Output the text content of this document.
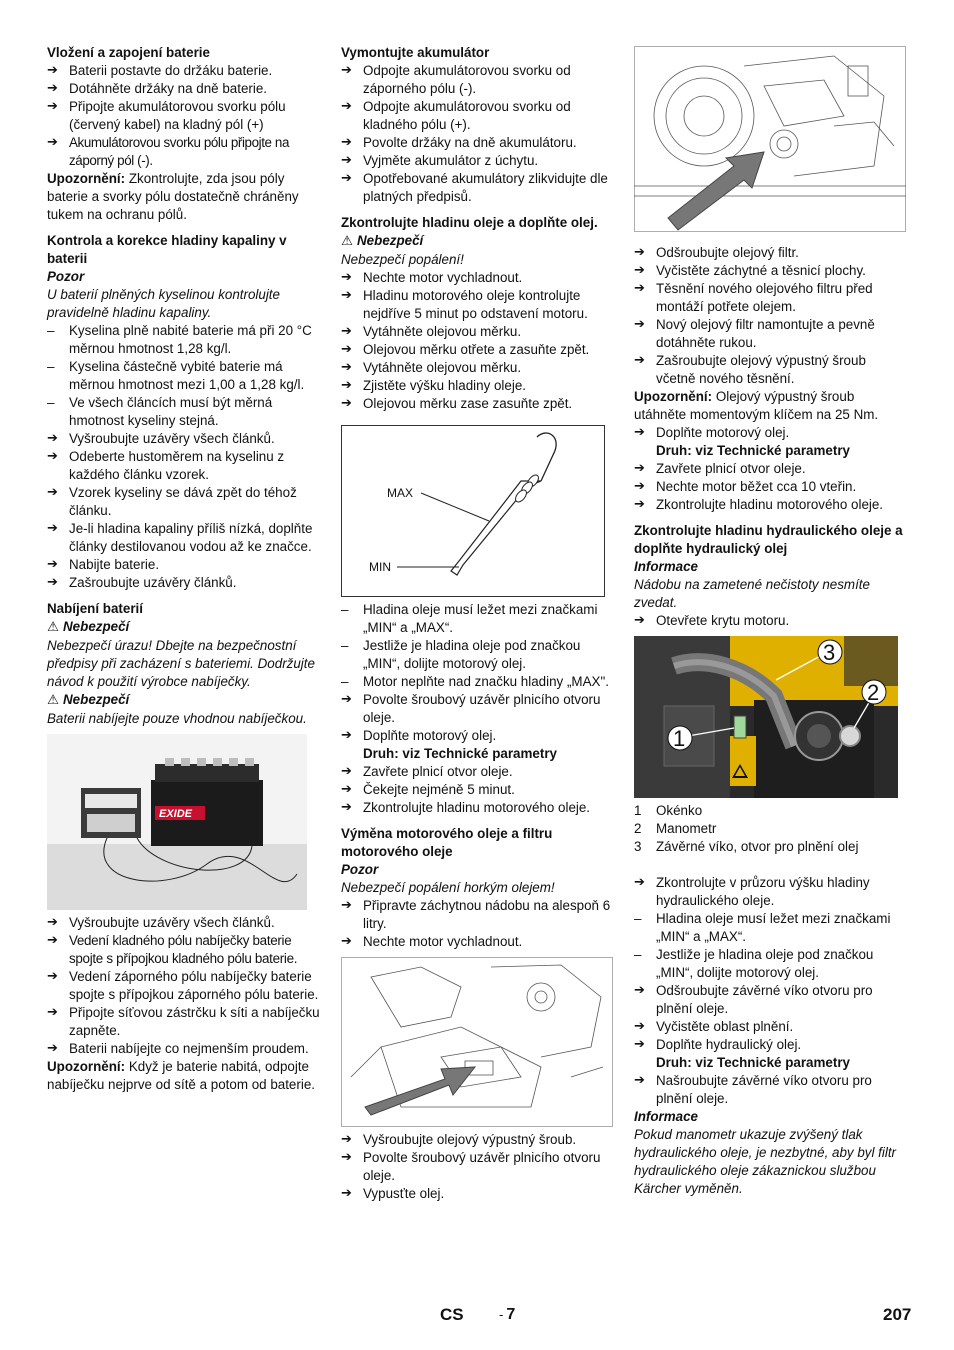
Vložení a zapojení baterie

➔ Baterii postavte do držáku baterie.

➔ Dotáhněte držáky na dně baterie.

➔ Připojte akumulátorovou svorku pólu (červený kabel) na kladný pól (+)

➔ Akumulátorovou svorku pólu připojte na záporný pól (-).

Upozornění: Zkontrolujte, zda jsou póly baterie a svorky pólu dostatečně chráněny tukem na ochranu pólů.

Kontrola a korekce hladiny kapaliny v baterii

Pozor

U baterií plněných kyselinou kontrolujte pravidelně hladinu kapaliny.

– Kyselina plně nabité baterie má při 20 °C měrnou hmotnost 1,28 kg/l.

– Kyselina částečně vybité baterie má měrnou hmotnost mezi 1,00 a 1,28 kg/l.

– Ve všech článcích musí být měrná hmotnost kyseliny stejná.

➔ Vyšroubujte uzávěry všech článků.

➔ Odeberte hustoměrem na kyselinu z každého článku vzorek.

➔ Vzorek kyseliny se dává zpět do téhož článku.

➔ Je-li hladina kapaliny příliš nízká, doplňte články destilovanou vodou až ke značce.

➔ Nabijte baterie.

➔ Zašroubujte uzávěry článků.

Nabíjení baterií

⚠ Nebezpečí

Nebezpečí úrazu! Dbejte na bezpečnostní předpisy při zacházení s bateriemi. Dodržujte návod k použití výrobce nabíječky.

⚠ Nebezpečí

Baterii nabíjejte pouze vhodnou nabíječkou.

EXIDE

➔ Vyšroubujte uzávěry všech článků.

➔ Vedení kladného pólu nabíječky baterie spojte s přípojkou kladného pólu baterie.

➔ Vedení záporného pólu nabíječky baterie spojte s přípojkou záporného pólu baterie.

➔ Připojte síťovou zástrčku k síti a nabíječku zapněte.

➔ Baterii nabíjejte co nejmenším proudem.

Upozornění: Když je baterie nabitá, odpojte nabíječku nejprve od sítě a potom od baterie.

Vymontujte akumulátor

➔ Odpojte akumulátorovou svorku od záporného pólu (-).

➔ Odpojte akumulátorovou svorku od kladného pólu (+).

➔ Povolte držáky na dně akumulátoru.

➔ Vyjměte akumulátor z úchytu.

➔ Opotřebované akumulátory zlikvidujte dle platných předpisů.

Zkontrolujte hladinu oleje a doplňte olej.

⚠ Nebezpečí

Nebezpečí popálení!

➔ Nechte motor vychladnout.

➔ Hladinu motorového oleje kontrolujte nejdříve 5 minut po odstavení motoru.

➔ Vytáhněte olejovou měrku.

➔ Olejovou měrku otřete a zasuňte zpět.

➔ Vytáhněte olejovou měrku.

➔ Zjistěte výšku hladiny oleje.

➔ Olejovou měrku zase zasuňte zpět.

MAX
MIN

– Hladina oleje musí ležet mezi značkami „MIN“ a „MAX“.

– Jestliže je hladina oleje pod značkou „MIN“, dolijte motorový olej.

– Motor neplňte nad značku hladiny „MAX".

➔ Povolte šroubový uzávěr plnicího otvoru oleje.

➔ Doplňte motorový olej.

Druh: viz Technické parametry

➔ Zavřete plnicí otvor oleje.

➔ Čekejte nejméně 5 minut.

➔ Zkontrolujte hladinu motorového oleje.

Výměna motorového oleje a filtru motorového oleje

Pozor

Nebezpečí popálení horkým olejem!

➔ Připravte záchytnou nádobu na alespoň 6 litry.

➔ Nechte motor vychladnout.

➔ Vyšroubujte olejový výpustný šroub.

➔ Povolte šroubový uzávěr plnicího otvoru oleje.

➔ Vypusťte olej.

➔ Odšroubujte olejový filtr.

➔ Vyčistěte záchytné a těsnicí plochy.

➔ Těsnění nového olejového filtru před montáží potřete olejem.

➔ Nový olejový filtr namontujte a pevně dotáhněte rukou.

➔ Zašroubujte olejový výpustný šroub včetně nového těsnění.

Upozornění: Olejový výpustný šroub utáhněte momentovým klíčem na 25 Nm.

➔ Doplňte motorový olej.

Druh: viz Technické parametry

➔ Zavřete plnicí otvor oleje.

➔ Nechte motor běžet cca 10 vteřin.

➔ Zkontrolujte hladinu motorového oleje.

Zkontrolujte hladinu hydraulického oleje a doplňte hydraulický olej

Informace

Nádobu na zametené nečistoty nesmíte zvedat.

➔ Otevřete krytu motoru.

1
2
3

1 Okénko

2 Manometr

3 Závěrné víko, otvor pro plnění olej

➔ Zkontrolujte v průzoru výšku hladiny hydraulického oleje.

– Hladina oleje musí ležet mezi značkami „MIN“ a „MAX“.

– Jestliže je hladina oleje pod značkou „MIN“, dolijte motorový olej.

➔ Odšroubujte závěrné víko otvoru pro plnění oleje.

➔ Vyčistěte oblast plnění.

➔ Doplňte hydraulický olej.

Druh: viz Technické parametry

➔ Našroubujte závěrné víko otvoru pro plnění oleje.

Informace

Pokud manometr ukazuje zvýšený tlak hydraulického oleje, je nezbytné, aby byl filtr hydraulického oleje zákaznickou službou Kärcher vyměněn.

CS	- 7	207
